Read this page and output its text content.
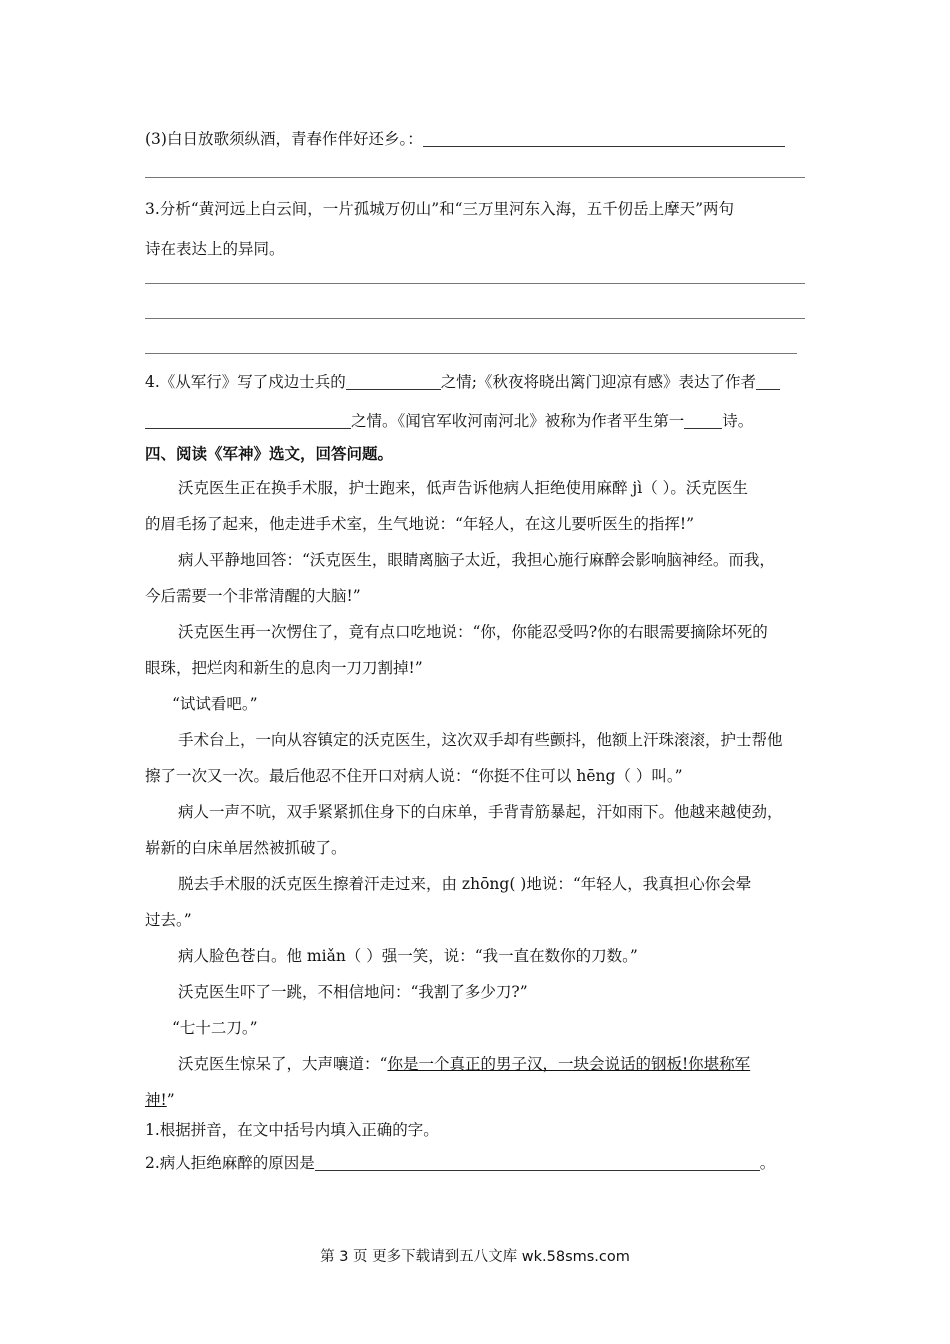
(3)白日放歌须纵酒，青春作伴好还乡。：
3.分析“黄河远上白云间，一片孤城万仞山”和“三万里河东入海，五千仞岳上摩天”两句
诗在表达上的异同。
4.《从军行》写了戍边士兵的	之情;《秋夜将晓出篱门迎凉有感》表达了作者
之情。《闻官军收河南河北》被称为作者平生第一 诗。
四、阅读《军神》选文，回答问题。
沃克医生正在换手术服，护士跑来，低声告诉他病人拒绝使用麻醉 jì（ ）。沃克医生
的眉毛扬了起来，他走进手术室，生气地说：“年轻人，在这儿要听医生的指挥!”
病人平静地回答：“沃克医生，眼睛离脑子太近，我担心施行麻醉会影响脑神经。而我，
今后需要一个非常清醒的大脑!”
沃克医生再一次愣住了，竟有点口吃地说：“你，你能忍受吗?你的右眼需要摘除坏死的
眼珠，把烂肉和新生的息肉一刀刀割掉!”
“试试看吧。”
手术台上，一向从容镇定的沃克医生，这次双手却有些颤抖，他额上汗珠滚滚，护士帮他
擦了一次又一次。最后他忍不住开口对病人说：“你挺不住可以 hēng（ ）叫。”
病人一声不吭，双手紧紧抓住身下的白床单，手背青筋暴起，汗如雨下。他越来越使劲，
崭新的白床单居然被抓破了。
脱去手术服的沃克医生擦着汗走过来，由 zhōng( )地说：“年轻人，我真担心你会晕
过去。”
病人脸色苍白。他 miǎn（ ）强一笑，说：“我一直在数你的刀数。”
沃克医生吓了一跳，不相信地问：“我割了多少刀?”
“七十二刀。”
沃克医生惊呆了，大声嚷道：“你是一个真正的男子汉，一块会说话的钢板!你堪称军
神!”
1.根据拼音，在文中括号内填入正确的字。
2.病人拒绝麻醉的原因是	。
第 3 页 更多下载请到五八文库 wk.58sms.com
